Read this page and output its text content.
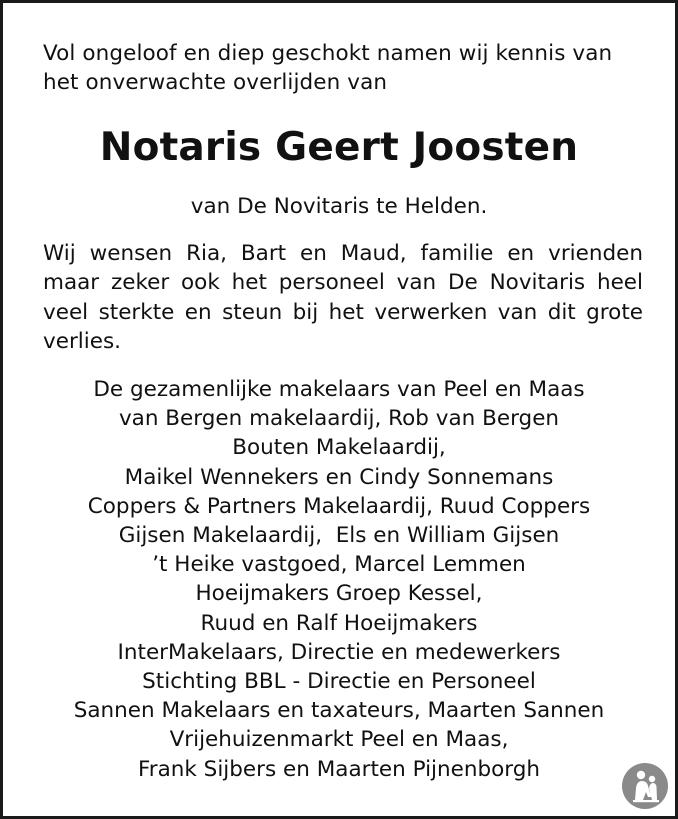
Vol ongeloof en diep geschokt namen wij kennis van het onverwachte overlijden van

Notaris Geert Joosten
van De Novitaris te Helden.

Wij wensen Ria, Bart en Maud, familie en vrienden maar zeker ook het personeel van De Novitaris heel veel sterkte en steun bij het verwerken van dit grote verlies.

De gezamenlijke makelaars van Peel en Maas
van Bergen makelaardij, Rob van Bergen
Bouten Makelaardij,
Maikel Wennekers en Cindy Sonnemans
Coppers & Partners Makelaardij, Ruud Coppers
Gijsen Makelaardij,  Els en William Gijsen
’t Heike vastgoed, Marcel Lemmen
Hoeijmakers Groep Kessel,
Ruud en Ralf Hoeijmakers
InterMakelaars, Directie en medewerkers
Stichting BBL - Directie en Personeel
Sannen Makelaars en taxateurs, Maarten Sannen
Vrijehuizenmarkt Peel en Maas,
Frank Sijbers en Maarten Pijnenborgh
